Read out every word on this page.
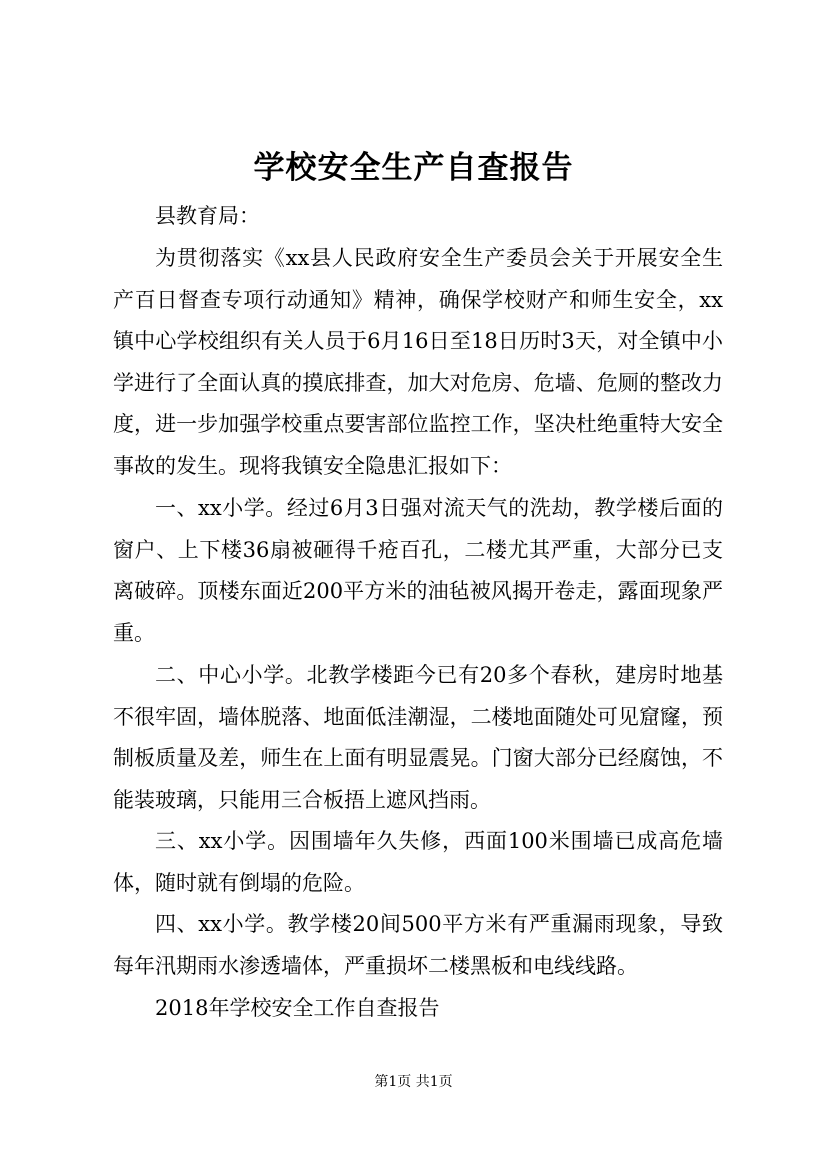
学校安全生产自查报告
县教育局：

为贯彻落实《xx县人民政府安全生产委员会关于开展安全生产百日督查专项行动通知》精神，确保学校财产和师生安全，xx镇中心学校组织有关人员于6月16日至18日历时3天，对全镇中小学进行了全面认真的摸底排查，加大对危房、危墙、危厕的整改力度，进一步加强学校重点要害部位监控工作，坚决杜绝重特大安全事故的发生。现将我镇安全隐患汇报如下：

一、xx小学。经过6月3日强对流天气的洗劫，教学楼后面的窗户、上下楼36扇被砸得千疮百孔，二楼尤其严重，大部分已支离破碎。顶楼东面近200平方米的油毡被风揭开卷走，露面现象严重。

二、中心小学。北教学楼距今已有20多个春秋，建房时地基不很牢固，墙体脱落、地面低洼潮湿，二楼地面随处可见窟窿，预制板质量及差，师生在上面有明显震晃。门窗大部分已经腐蚀，不能装玻璃，只能用三合板捂上遮风挡雨。

三、xx小学。因围墙年久失修，西面100米围墙已成高危墙体，随时就有倒塌的危险。

四、xx小学。教学楼20间500平方米有严重漏雨现象，导致每年汛期雨水渗透墙体，严重损坏二楼黑板和电线线路。

2018年学校安全工作自查报告

第1页 共1页
